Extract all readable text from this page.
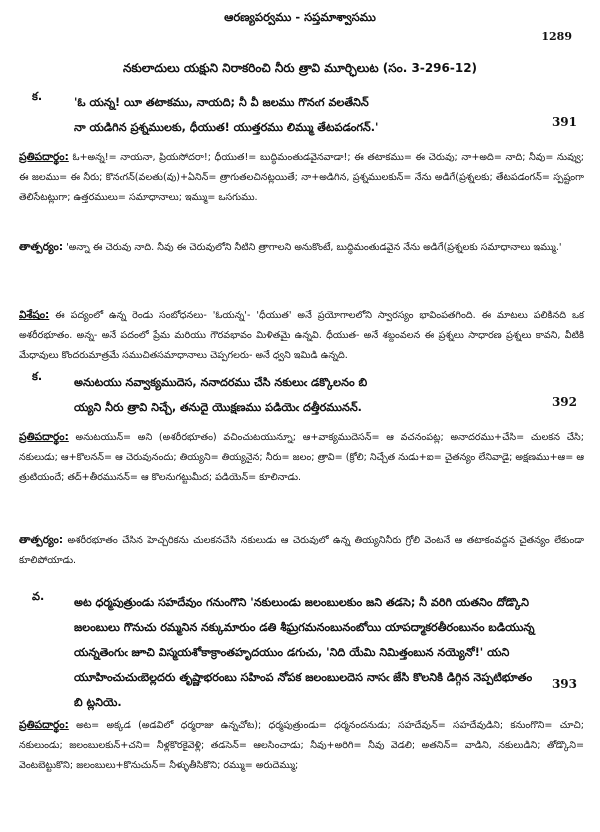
ఆరణ్యపర్వము - సప్తమాశ్వాసము
1289
నకులాదులు యక్షుని నిరాకరించి నీరు త్రావి మూర్ఛిలుట (సం. 3-296-12)
క.	'ఓ యన్న! యీ తటాకము, నాయది; నీ వీ జలము గొనఁగ వలతేనిన్
నా యడిగిన ప్రశ్నములకు, ధీయుత! యుత్తరము లిమ్ము తేటపడంగన్.'	391
ప్రతిపదార్థం: ఓ+అన్న!= నాయనా, ప్రియసోదరా!; ధీయుత!= బుద్ధిమంతుడవైనవాడా!; ఈ తటాకము= ఈ చెరువు; నా+అది= నాది; నీవు= నువ్వు; ఈ జలము= ఈ నీరు; కొనఁగన్(వలతు(వు)+ఏనిన్= త్రాగుతలచినట్లయితే; నా+అడిగిన, ప్రశ్నములకున్= నేను అడిగే(ప్రశ్నలకు; తేటపడంగన్= స్పష్టంగా తెలిసేటట్లుగా; ఉత్తరములు= సమాధానాలు; ఇమ్ము= ఒసగుము.
తాత్పర్యం: 'అన్నా ఈ చెరువు నాది. నీవు ఈ చెరువులోని నీటిని త్రాగాలని అనుకొంటే, బుద్ధిమంతుడవైన నేను అడిగే(ప్రశ్నలకు సమాధానాలు ఇమ్ము.'
విశేషం: ఈ పద్యంలో ఉన్న రెండు సంబోధనలు- 'ఓయన్న'- 'ధీయుత' అనే ప్రయోగాలలోని స్వారస్యం భావింపతగింది. ఈ మాటలు పలికినది ఒక అశరీరభూతం. అన్న- అనే పదంలో ప్రేమ మరియు గౌరవభావం మిళితమై ఉన్నవి. ధీయుత- అనే శబ్దంవలన ఈ ప్రశ్నలు సాధారణ ప్రశ్నలు కావని, వీటికి మేధావులు కొందరుమాత్రమే సముచితసమాధానాలు చెప్పగలరు- అనే ధ్వని ఇమిడి ఉన్నది.
క.	అనుటయు నవ్వాక్యముదెస, ననాదరము చేసి నకులుఁ డక్కొలనం బి
య్యని నీరు త్రావి నిచ్చే, తనుదై యొక్షణము పడియెఁ దత్తీరమునన్.	392
ప్రతిపదార్థం: అనుటయున్= అని (అశరీరభూతం) వచించుటయున్నూ; ఆ+వాక్యముదెసన్= ఆ వచనంపట్ల; అనాదరము+చేసి= చులకన చేసి; నకులుడు; ఆ+కొలనన్= ఆ చెరువునందు; తియ్యని= తియ్యనైన; నీరు= జలం; త్రావి= (క్రోలి; నిచ్చేత నుడు+ఐ= చైతన్యం లేనివాడై; అక్షణము+ఆ= ఆ త్రుటియందే; తద్+తీరమునన్= ఆ కొలనుగట్టుమీద; పడియెన్= కూలినాడు.
తాత్పర్యం: అశరీరభూతం చేసిన హెచ్చరికను చులకనచేసి నకులుడు ఆ చెరువులో ఉన్న తియ్యనినీరు గ్రోలి వెంటనే ఆ తటాకంవద్దన చైతన్యం లేకుండా కూలిపోయాడు.
వ.	అట ధర్మపుత్రుండు సహదేవుం గనుంగొని 'నకులుండు జలంబులకుం జని తడసె; నీ వరిగి యతనిం దోడ్కొని జలంబులు గొనుచు రమ్మనిన నక్కుమారుం డతి శీఘ్రగమనంబునంబోయి యాపద్మాకరతీరంబునం బడియున్న యన్నతెంగుఁ జూచి విస్మయశోకాక్రాంతహృదయుం డగుచు, 'నిది యేమి నిమిత్తంబున నయ్యెనో!' యని యూహించుచుఁబెల్లదరు తృష్ణాభరంబు సహింప నోపక జలంబులదెస నాసఁ జేసి కొలనికి డిగ్గిన నెప్పటిభూతం బి ట్లనియె.
393
ప్రతిపదార్థం: అట= అక్కడ (అడవిలో ధర్మరాజు ఉన్నచోట); ధర్మపుత్రుండు= ధర్మనందనుడు; సహదేవున్= సహదేవుడిని; కనుంగొని= చూచి; నకులుండు; జలంబులకున్+చని= నీళ్లకొరకైవెళ్లి; తడసెన్= ఆలసించాడు; నీవు+అరిగి= నీవు వెడలి; అతనిన్= వాడిని, నకులుడిని; తోడ్కొని= వెంటబెట్టుకొని; జలంబులు+కొనుచున్= నీళ్ళుతీసికొని; రమ్ము= అరుదెమ్ము;
